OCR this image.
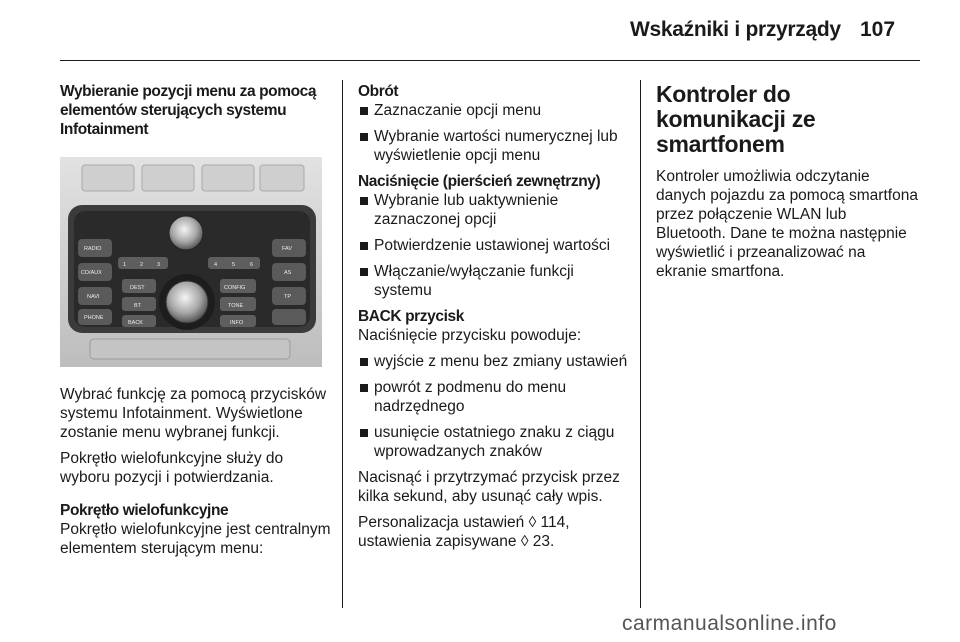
Wskaźniki i przyrządy 107

Wybieranie pozycji menu za pomocą elementów sterujących systemu Infotainment

RADIO
CD/AUX
NAVI
PHONE
FAV
AS
TP
1	2	3	4	5	6
DEST
BT
BACK
CONFIG
TONE
INFO

Wybrać funkcję za pomocą przycisków systemu Infotainment. Wyświetlone zostanie menu wybranej funkcji.

Pokrętło wielofunkcyjne służy do wyboru pozycji i potwierdzania.

Pokrętło wielofunkcyjne

Pokrętło wielofunkcyjne jest centralnym elementem sterującym menu:

Obrót

Zaznaczanie opcji menu
Wybranie wartości numerycznej lub wyświetlenie opcji menu

Naciśnięcie (pierścień zewnętrzny)

Wybranie lub uaktywnienie zaznaczonej opcji
Potwierdzenie ustawionej wartości
Włączanie/wyłączanie funkcji systemu

BACK przycisk

Naciśnięcie przycisku powoduje:

wyjście z menu bez zmiany ustawień
powrót z podmenu do menu nadrzędnego
usunięcie ostatniego znaku z ciągu wprowadzanych znaków

Nacisnąć i przytrzymać przycisk przez kilka sekund, aby usunąć cały wpis.

Personalizacja ustawień ◊ 114, ustawienia zapisywane ◊ 23.

Kontroler do komunikacji ze smartfonem

Kontroler umożliwia odczytanie danych pojazdu za pomocą smartfona przez połączenie WLAN lub Bluetooth. Dane te można następnie wyświetlić i przeanalizować na ekranie smartfona.

carmanualsonline.info
